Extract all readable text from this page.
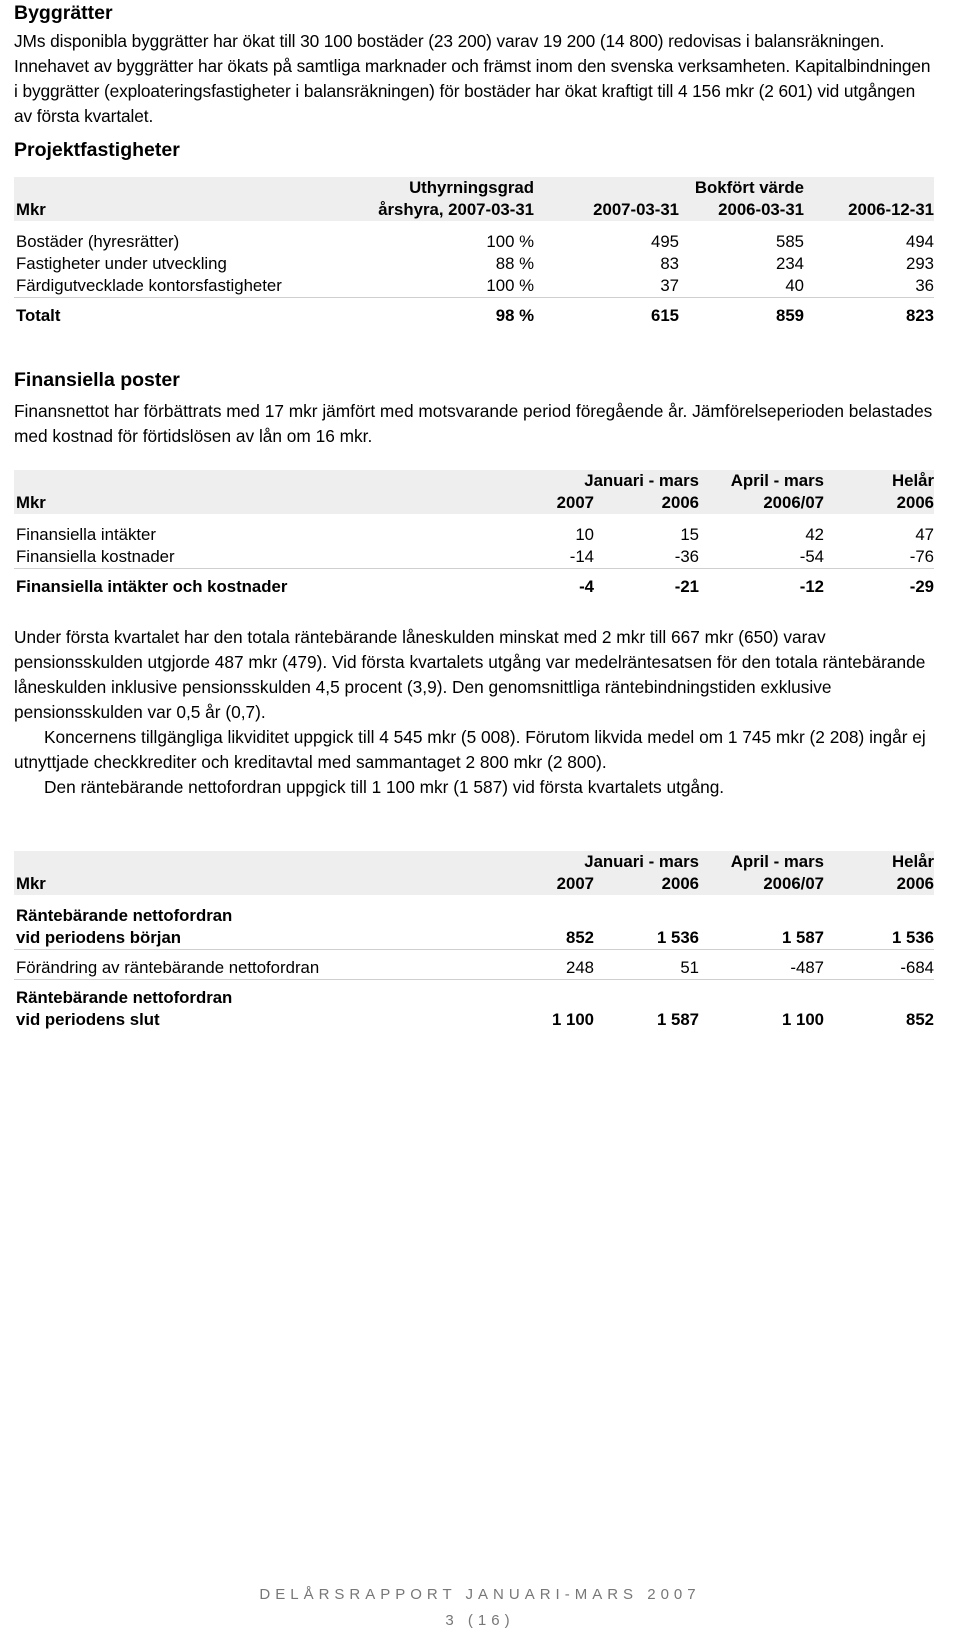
Byggrätter

JMs disponibla byggrätter har ökat till 30 100 bostäder (23 200) varav 19 200 (14 800) redovisas i balansräkningen. Innehavet av byggrätter har ökats på samtliga marknader och främst inom den svenska verksamheten. Kapitalbindningen i byggrätter (exploateringsfastigheter i balansräkningen) för bostäder har ökat kraftigt till 4 156 mkr (2 601) vid utgången av första kvartalet.

Projektfastigheter
	Uthyrningsgrad		Bokfört värde	
Mkr	årshyra, 2007-03-31	2007-03-31	2006-03-31	2006-12-31

Bostäder (hyresrätter)	100 %	495	585	494
Fastigheter under utveckling	88 %	83	234	293
Färdigutvecklade kontorsfastigheter	100 %	37	40	36
Totalt	98 %	615	859	823
Finansiella poster

Finansnettot har förbättrats med 17 mkr jämfört med motsvarande period föregående år. Jämförelseperioden belastades med kostnad för förtidslösen av lån om 16 mkr.

	Januari - mars		April - mars	Helår
Mkr	2007	2006	2006/07	2006

Finansiella intäkter	10	15	42	47
Finansiella kostnader	-14	-36	-54	-76
Finansiella intäkter och kostnader	-4	-21	-12	-29

Under första kvartalet har den totala räntebärande låneskulden minskat med 2 mkr till 667 mkr (650) varav pensionsskulden utgjorde 487 mkr (479). Vid första kvartalets utgång var medelräntesatsen för den totala räntebärande låneskulden inklusive pensionsskulden 4,5 procent (3,9). Den genomsnittliga räntebindningstiden exklusive pensionsskulden var 0,5 år (0,7).

Koncernens tillgängliga likviditet uppgick till 4 545 mkr (5 008). Förutom likvida medel om 1 745 mkr (2 208) ingår ej utnyttjade checkkrediter och kreditavtal med sammantaget 2 800 mkr (2 800).

Den räntebärande nettofordran uppgick till 1 100 mkr (1 587) vid första kvartalets utgång.

	Januari - mars		April - mars	Helår
Mkr	2007	2006	2006/07	2006

Räntebärande nettofordran
vid periodens början	852	1 536	1 587	1 536
Förändring av räntebärande nettofordran	248	51	-487	-684

Räntebärande nettofordran
vid periodens slut	1 100	1 587	1 100	852
DELÅRSRAPPORT JANUARI-MARS 2007
3 (16)
